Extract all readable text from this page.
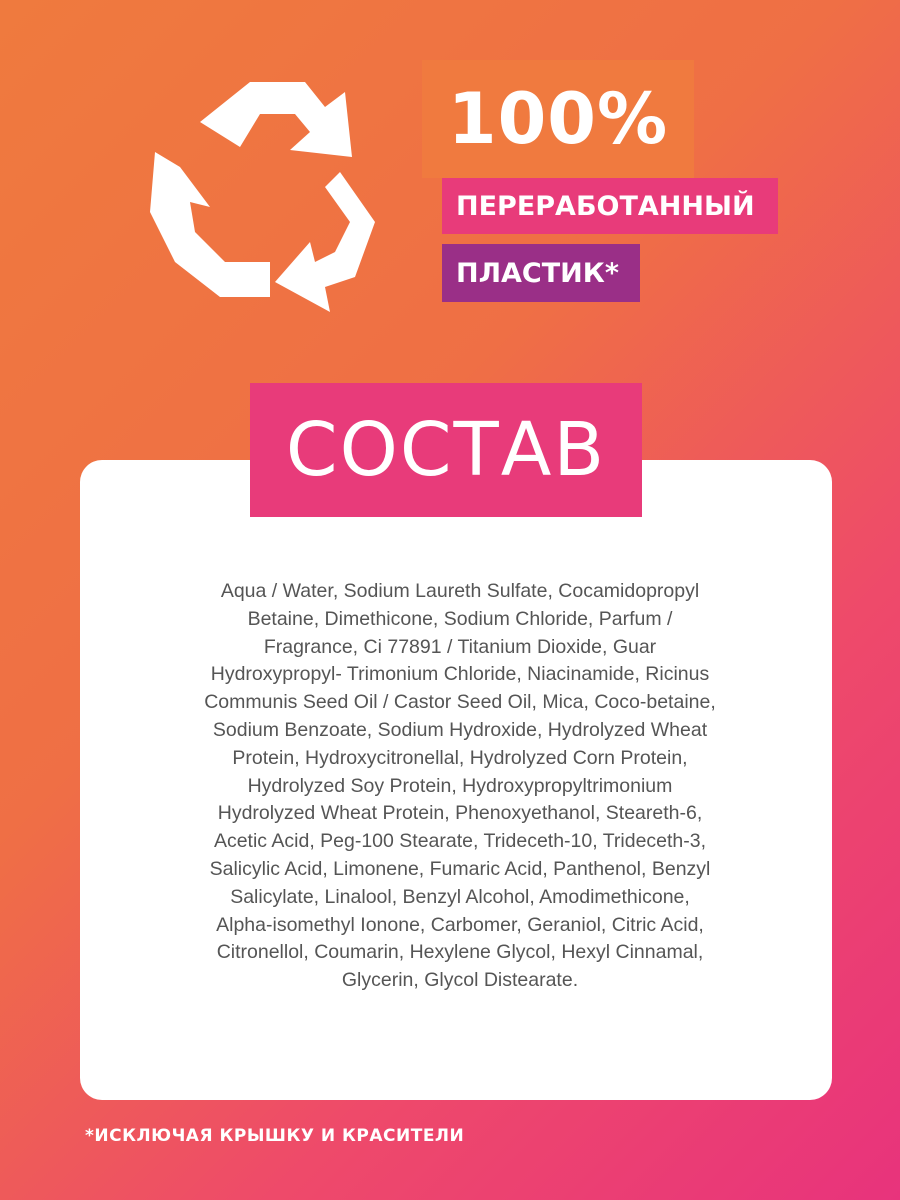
100%
ПЕРЕРАБОТАННЫЙ
ПЛАСТИК*
СОСТАВ
Aqua / Water, Sodium Laureth Sulfate, Cocamidopropyl
Betaine, Dimethicone, Sodium Chloride, Parfum /
Fragrance, Ci 77891 / Titanium Dioxide, Guar
Hydroxypropyl- Trimonium Chloride, Niacinamide, Ricinus
Communis Seed Oil / Castor Seed Oil, Mica, Coco-betaine,
Sodium Benzoate, Sodium Hydroxide, Hydrolyzed Wheat
Protein, Hydroxycitronellal, Hydrolyzed Corn Protein,
Hydrolyzed Soy Protein, Hydroxypropyltrimonium
Hydrolyzed Wheat Protein, Phenoxyethanol, Steareth-6,
Acetic Acid, Peg-100 Stearate, Trideceth-10, Trideceth-3,
Salicylic Acid, Limonene, Fumaric Acid, Panthenol, Benzyl
Salicylate, Linalool, Benzyl Alcohol, Amodimethicone,
Alpha-isomethyl Ionone, Carbomer, Geraniol, Citric Acid,
Citronellol, Coumarin, Hexylene Glycol, Hexyl Cinnamal,
Glycerin, Glycol Distearate.
*ИСКЛЮЧАЯ КРЫШКУ И КРАСИТЕЛИ
